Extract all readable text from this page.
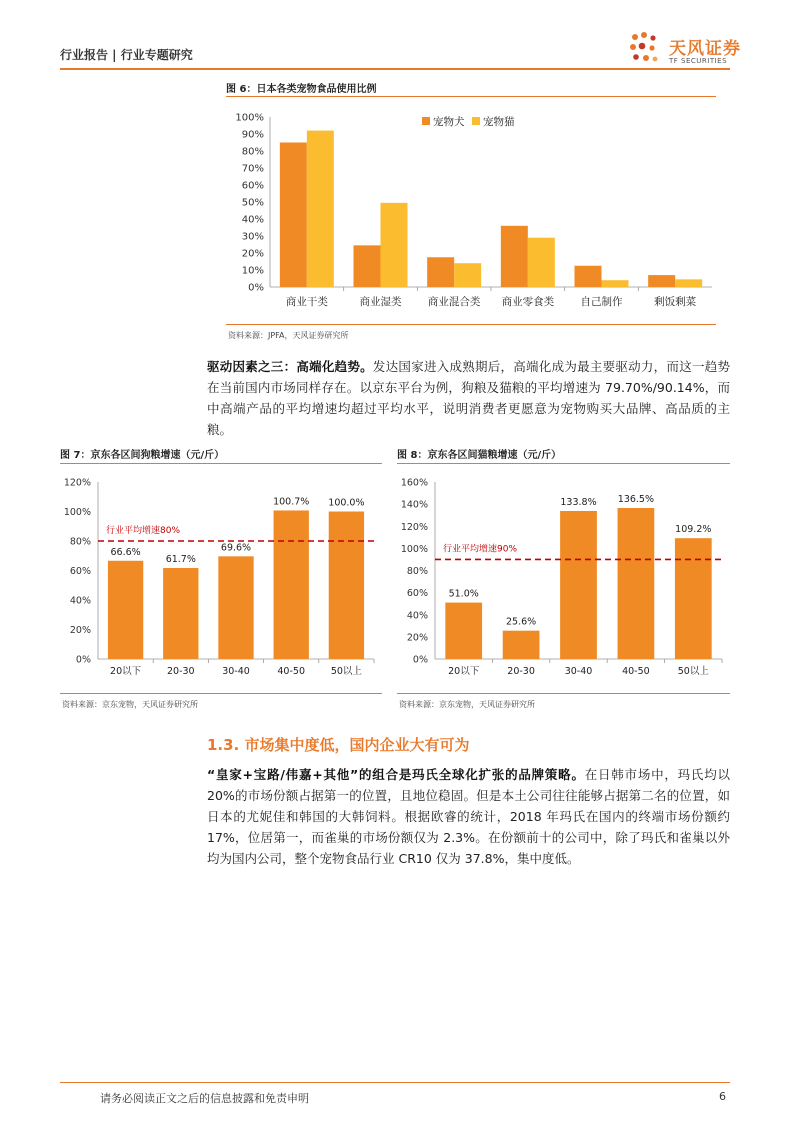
行业报告 | 行业专题研究	天风证券
TF SECURITIES
图 6：日本各类宠物食品使用比例
0%
10%
20%
30%
40%
50%
60%
70%
80%
90%
100%
商业干类	商业湿类	商业混合类 商业零食类	自己制作	剩饭剩菜
宠物犬 宠物猫
资料来源：JPFA，天风证券研究所
驱动因素之三：高端化趋势。发达国家进入成熟期后，高端化成为最主要驱动力，而这一趋势在当前国内市场同样存在。以京东平台为例，狗粮及猫粮的平均增速为 79.70%/90.14%，而中高端产品的平均增速均超过平均水平，说明消费者更愿意为宠物购买大品牌、高品质的主粮。
图 7：京东各区间狗粮增速（元/斤）
0%
20%
40%
60%
80%
100%
120%
66.6%
20以下
61.7%
20-30
69.6%
30-40
100.7%
40-50
100.0%
50以上
行业平均增速80%
资料来源：京东宠物，天风证券研究所
图 8：京东各区间猫粮增速（元/斤）
0%
20%
40%
60%
80%
100%
120%
140%
160%
51.0%
20以下
25.6%
20-30
133.8%
30-40
136.5%
40-50
109.2%
50以上
行业平均增速90%
资料来源：京东宠物，天风证券研究所
1.3. 市场集中度低，国内企业大有可为
“皇家+宝路/伟嘉+其他”的组合是玛氏全球化扩张的品牌策略。在日韩市场中，玛氏均以 20%的市场份额占据第一的位置，且地位稳固。但是本土公司往往能够占据第二名的位置，如日本的尤妮佳和韩国的大韩饲料。根据欧睿的统计，2018 年玛氏在国内的终端市场份额约 17%，位居第一，而雀巢的市场份额仅为 2.3%。在份额前十的公司中，除了玛氏和雀巢以外均为国内公司，整个宠物食品行业 CR10 仅为 37.8%，集中度低。
请务必阅读正文之后的信息披露和免责申明	6
